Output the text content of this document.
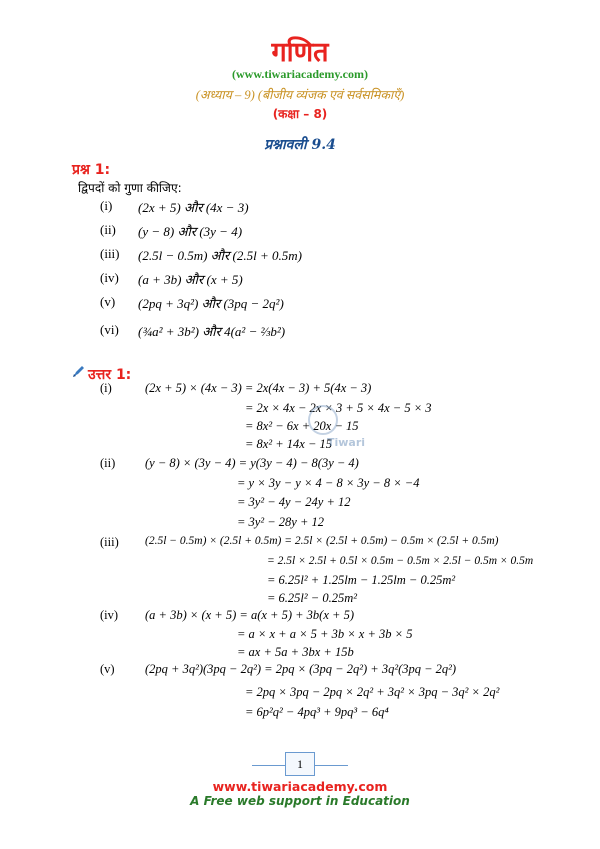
गणित
(www.tiwariacademy.com)
(अध्याय – 9) (बीजीय व्यंजक एवं सर्वसमिकाएँ)
(कक्षा – 8)
प्रश्नावली 9.4
प्रश्न 1:
द्विपदों को गुणा कीजिए:
(i)	(2x + 5) और (4x − 3)
(ii)	(y − 8) और (3y − 4)
(iii)	(2.5l − 0.5m) और (2.5l + 0.5m)
(iv)	(a + 3b) और (x + 5)
(v)	(2pq + 3q²) और (3pq − 2q²)
(vi)	(¾a² + 3b²) और 4(a² − ⅔b²)
उत्तर 1:
(i)	(2x + 5) × (4x − 3) = 2x(4x − 3) + 5(4x − 3)
= 2x × 4x − 2x × 3 + 5 × 4x − 5 × 3
= 8x² − 6x + 20x − 15
= 8x² + 14x − 15
(ii)	(y − 8) × (3y − 4) = y(3y − 4) − 8(3y − 4)
= y × 3y − y × 4 − 8 × 3y − 8 × −4
= 3y² − 4y − 24y + 12
= 3y² − 28y + 12
(iii)	(2.5l − 0.5m) × (2.5l + 0.5m) = 2.5l × (2.5l + 0.5m) − 0.5m × (2.5l + 0.5m)
= 2.5l × 2.5l + 0.5l × 0.5m − 0.5m × 2.5l − 0.5m × 0.5m
= 6.25l² + 1.25lm − 1.25lm − 0.25m²
= 6.25l² − 0.25m²
(iv)	(a + 3b) × (x + 5) = a(x + 5) + 3b(x + 5)
= a × x + a × 5 + 3b × x + 3b × 5
= ax + 5a + 3bx + 15b
(v)	(2pq + 3q²)(3pq − 2q²) = 2pq × (3pq − 2q²) + 3q²(3pq − 2q²)
= 2pq × 3pq − 2pq × 2q² + 3q² × 3pq − 3q² × 2q²
= 6p²q² − 4pq³ + 9pq³ − 6q⁴
Tiwari
1
www.tiwariacademy.com
A Free web support in Education
